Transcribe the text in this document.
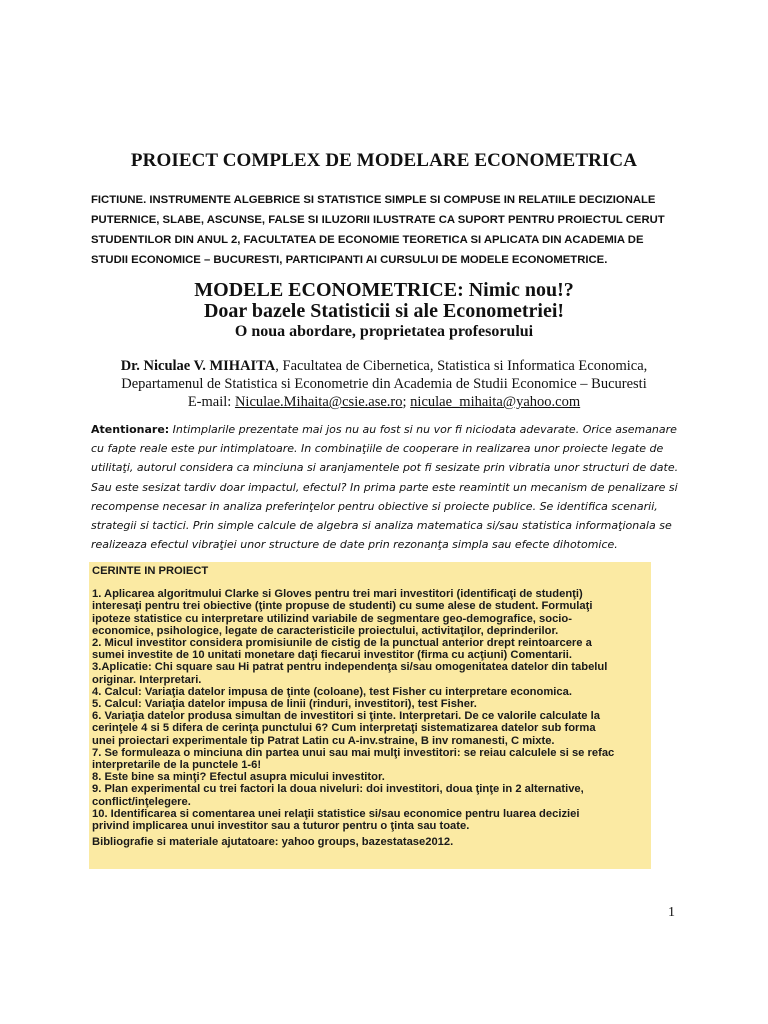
PROIECT COMPLEX DE MODELARE ECONOMETRICA
FICTIUNE. INSTRUMENTE ALGEBRICE SI STATISTICE SIMPLE SI COMPUSE IN RELATIILE DECIZIONALE
PUTERNICE, SLABE, ASCUNSE, FALSE SI ILUZORII ILUSTRATE CA SUPORT PENTRU PROIECTUL CERUT
STUDENTILOR DIN ANUL 2, FACULTATEA DE ECONOMIE TEORETICA SI APLICATA DIN ACADEMIA DE
STUDII ECONOMICE – BUCURESTI, PARTICIPANTI AI CURSULUI DE MODELE ECONOMETRICE.
MODELE ECONOMETRICE: Nimic nou!?
Doar bazele Statisticii si ale Econometriei!
O noua abordare, proprietatea profesorului
Dr. Niculae V. MIHAITA, Facultatea de Cibernetica, Statistica si Informatica Economica,
Departamenul de Statistica si Econometrie din Academia de Studii Economice – Bucuresti
E-mail: Niculae.Mihaita@csie.ase.ro; niculae_mihaita@yahoo.com
Atentionare: Intimplarile prezentate mai jos nu au fost si nu vor fi niciodata adevarate. Orice asemanare
cu fapte reale este pur intimplatoare. In combinaţiile de cooperare in realizarea unor proiecte legate de
utilitaţi, autorul considera ca minciuna si aranjamentele pot fi sesizate prin vibratia unor structuri de date.
Sau este sesizat tardiv doar impactul, efectul? In prima parte este reamintit un mecanism de penalizare si
recompense necesar in analiza preferinţelor pentru obiective si proiecte publice. Se identifica scenarii,
strategii si tactici. Prin simple calcule de algebra si analiza matematica si/sau statistica informaţionala se
realizeaza efectul vibraţiei unor structure de date prin rezonanţa simpla sau efecte dihotomice.
CERINTE IN PROIECT
1. Aplicarea algoritmului Clarke si Gloves pentru trei mari investitori (identificaţi de studenţi)
interesaţi pentru trei obiective (ţinte propuse de studenti) cu sume alese de student. Formulaţi
ipoteze statistice cu interpretare utilizind variabile de segmentare geo-demografice, socio-
economice, psihologice, legate de caracteristicile proiectului, activitaţilor, deprinderilor.
2. Micul investitor considera promisiunile de cistig de la punctual anterior drept reintoarcere a
sumei investite de 10 unitati monetare daţi fiecarui investitor (firma cu acţiuni) Comentarii.
3.Aplicatie: Chi square sau Hi patrat pentru independenţa si/sau omogenitatea datelor din tabelul
originar. Interpretari.
4. Calcul: Variaţia datelor impusa de ţinte (coloane), test Fisher cu interpretare economica.
5. Calcul: Variaţia datelor impusa de linii (rinduri, investitori), test Fisher.
6. Variaţia datelor produsa simultan de investitori si ţinte. Interpretari. De ce valorile calculate la
cerinţele 4 si 5 difera de cerinţa punctului 6? Cum interpretaţi sistematizarea datelor sub forma
unei proiectari experimentale tip Patrat Latin cu A-inv.straine, B inv romanesti, C mixte.
7. Se formuleaza o minciuna din partea unui sau mai mulţi investitori: se reiau calculele si se refac
interpretarile de la punctele 1-6!
8. Este bine sa minţi? Efectul asupra micului investitor.
9. Plan experimental cu trei factori la doua niveluri: doi investitori, doua ţinţe in 2 alternative,
conflict/inţelegere.
10. Identificarea si comentarea unei relaţii statistice si/sau economice pentru luarea deciziei
privind implicarea unui investitor sau a tuturor pentru o ţinta sau toate.
Bibliografie si materiale ajutatoare: yahoo groups, bazestatase2012.
1
